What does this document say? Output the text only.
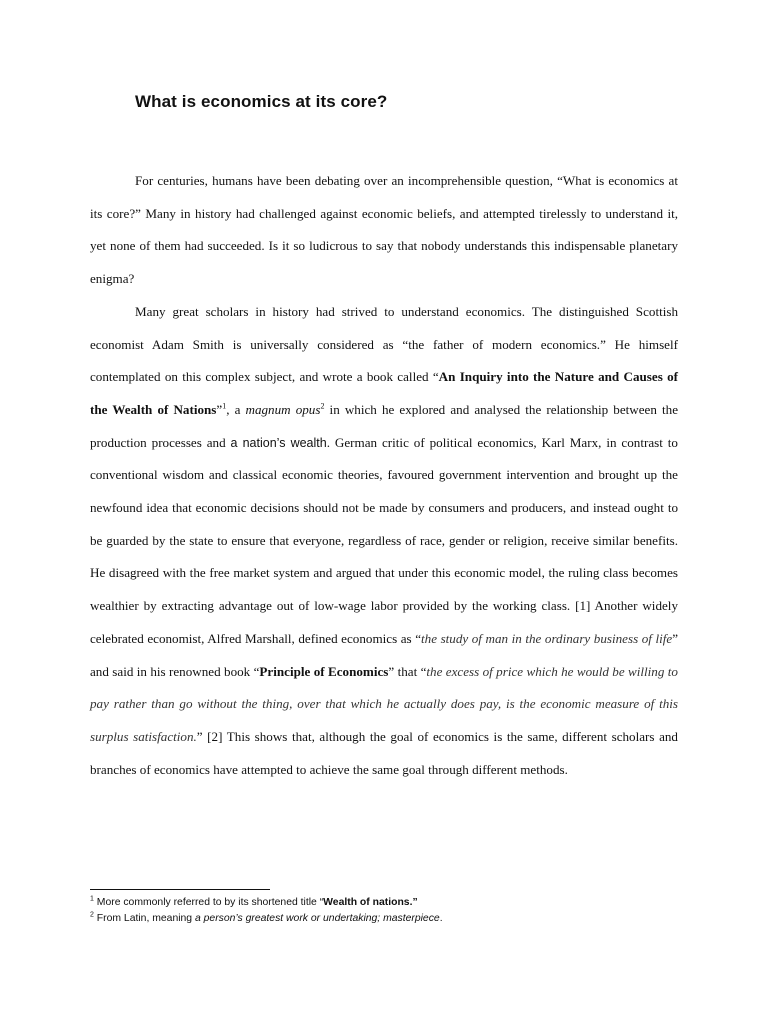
What is economics at its core?

For centuries, humans have been debating over an incomprehensible question, “What is economics at its core?” Many in history had challenged against economic beliefs, and attempted tirelessly to understand it, yet none of them had succeeded. Is it so ludicrous to say that nobody understands this indispensable planetary enigma?

Many great scholars in history had strived to understand economics. The distinguished Scottish economist Adam Smith is universally considered as “the father of modern economics.” He himself contemplated on this complex subject, and wrote a book called “An Inquiry into the Nature and Causes of the Wealth of Nations”$^1$, a magnum opus$^2$ in which he explored and analysed the relationship between the production processes and a nation’s wealth. German critic of political economics, Karl Marx, in contrast to conventional wisdom and classical economic theories, favoured government intervention and brought up the newfound idea that economic decisions should not be made by consumers and producers, and instead ought to be guarded by the state to ensure that everyone, regardless of race, gender or religion, receive similar benefits. He disagreed with the free market system and argued that under this economic model, the ruling class becomes wealthier by extracting advantage out of low-wage labor provided by the working class. [1] Another widely celebrated economist, Alfred Marshall, defined economics as “the study of man in the ordinary business of life” and said in his renowned book “Principle of Economics” that “the excess of price which he would be willing to pay rather than go without the thing, over that which he actually does pay, is the economic measure of this surplus satisfaction.” [2] This shows that, although the goal of economics is the same, different scholars and branches of economics have attempted to achieve the same goal through different methods.

$^1$ More commonly referred to by its shortened title “Wealth of nations.”

$^2$ From Latin, meaning a person’s greatest work or undertaking; masterpiece.
